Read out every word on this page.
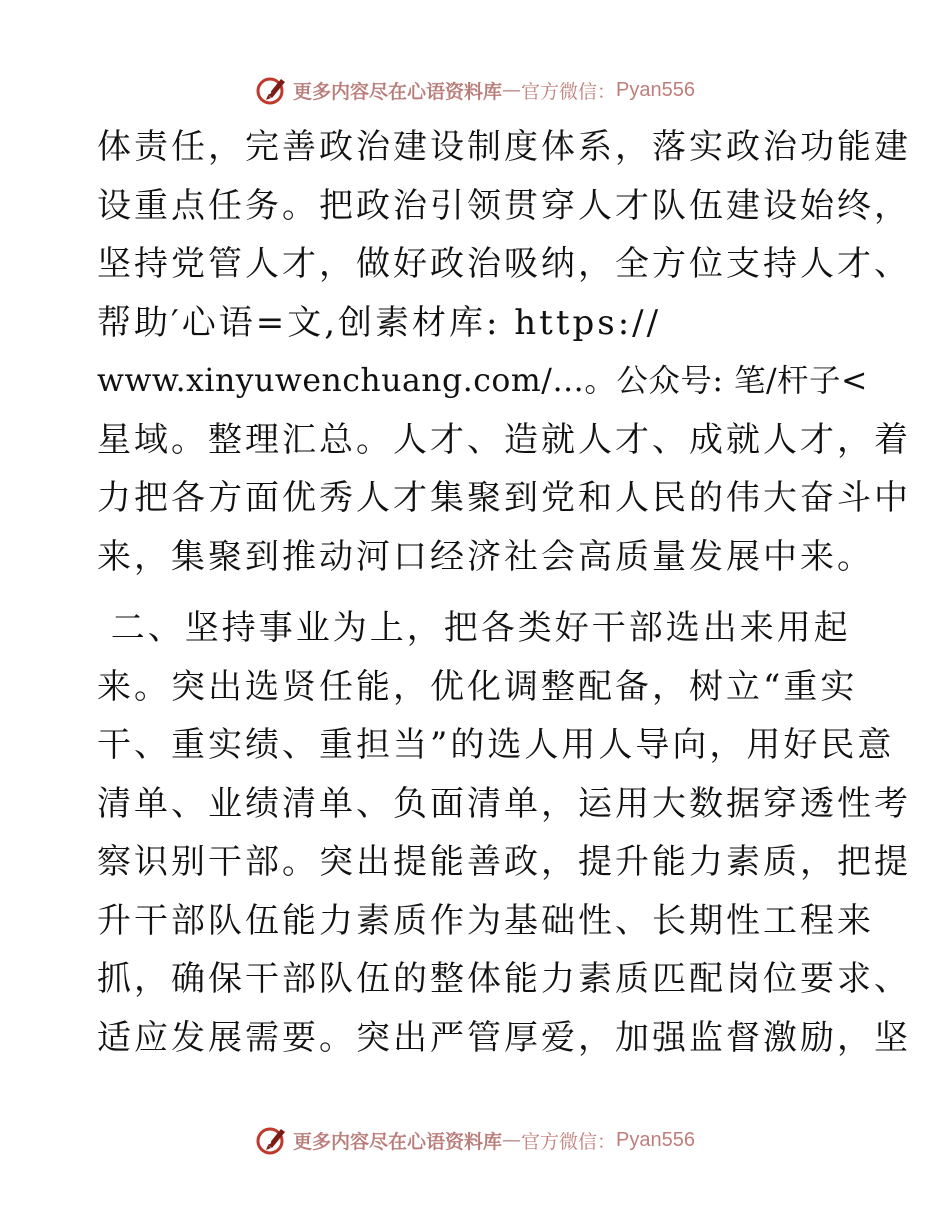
更多内容尽在心语资料库 — 官方微信： Pyan556
体责任，完善政治建设制度体系，落实政治功能建
设重点任务。把政治引领贯穿人才队伍建设始终，
坚持党管人才，做好政治吸纳，全方位支持人才、
帮助′心语=文,创素材库: https://
www.xinyuwenchuang.com/…。公众号: 笔/杆子<
星域。整理汇总。人才、造就人才、成就人才，着
力把各方面优秀人才集聚到党和人民的伟大奋斗中
来，集聚到推动河口经济社会高质量发展中来。
二、坚持事业为上，把各类好干部选出来用起
来。突出选贤任能，优化调整配备，树立“重实
干、重实绩、重担当”的选人用人导向，用好民意
清单、业绩清单、负面清单，运用大数据穿透性考
察识别干部。突出提能善政，提升能力素质，把提
升干部队伍能力素质作为基础性、长期性工程来
抓，确保干部队伍的整体能力素质匹配岗位要求、
适应发展需要。突出严管厚爱，加强监督激励，坚
更多内容尽在心语资料库 — 官方微信： Pyan556
